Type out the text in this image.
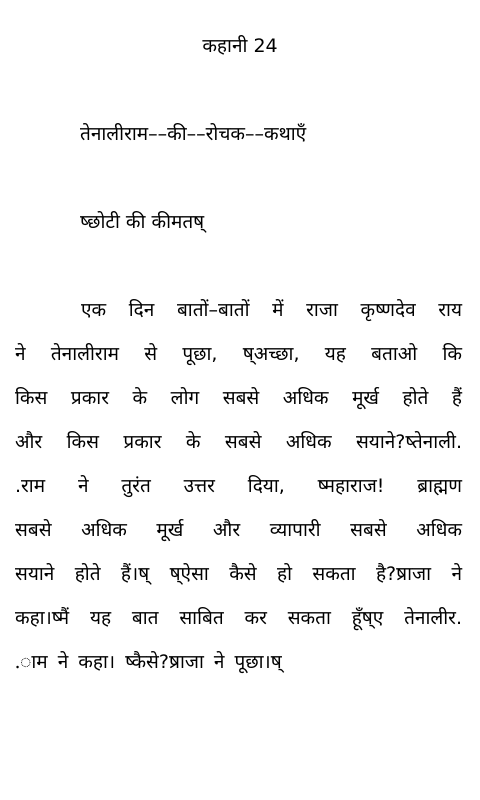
कहानी 24
तेनालीराम––की––रोचक––कथाएँ
ष्छोटी की कीमतष्
एक दिन बातों–बातों में राजा कृष्णदेव राय
ने तेनालीराम से पूछा, ष्अच्छा, यह बताओ कि
किस प्रकार के लोग सबसे अधिक मूर्ख होते हैं
और किस प्रकार के सबसे अधिक सयाने?ष्तेनाली.
.राम ने तुरंत उत्तर दिया, ष्महाराज! ब्राह्मण
सबसे अधिक मूर्ख और व्यापारी सबसे अधिक
सयाने होते हैं।ष् ष्ऐसा कैसे हो सकता है?ष्राजा ने
कहा।ष्मैं यह बात साबित कर सकता हूँष्ए तेनालीर.
.ाम ने कहा। ष्कैसे?ष्राजा ने पूछा।ष्
